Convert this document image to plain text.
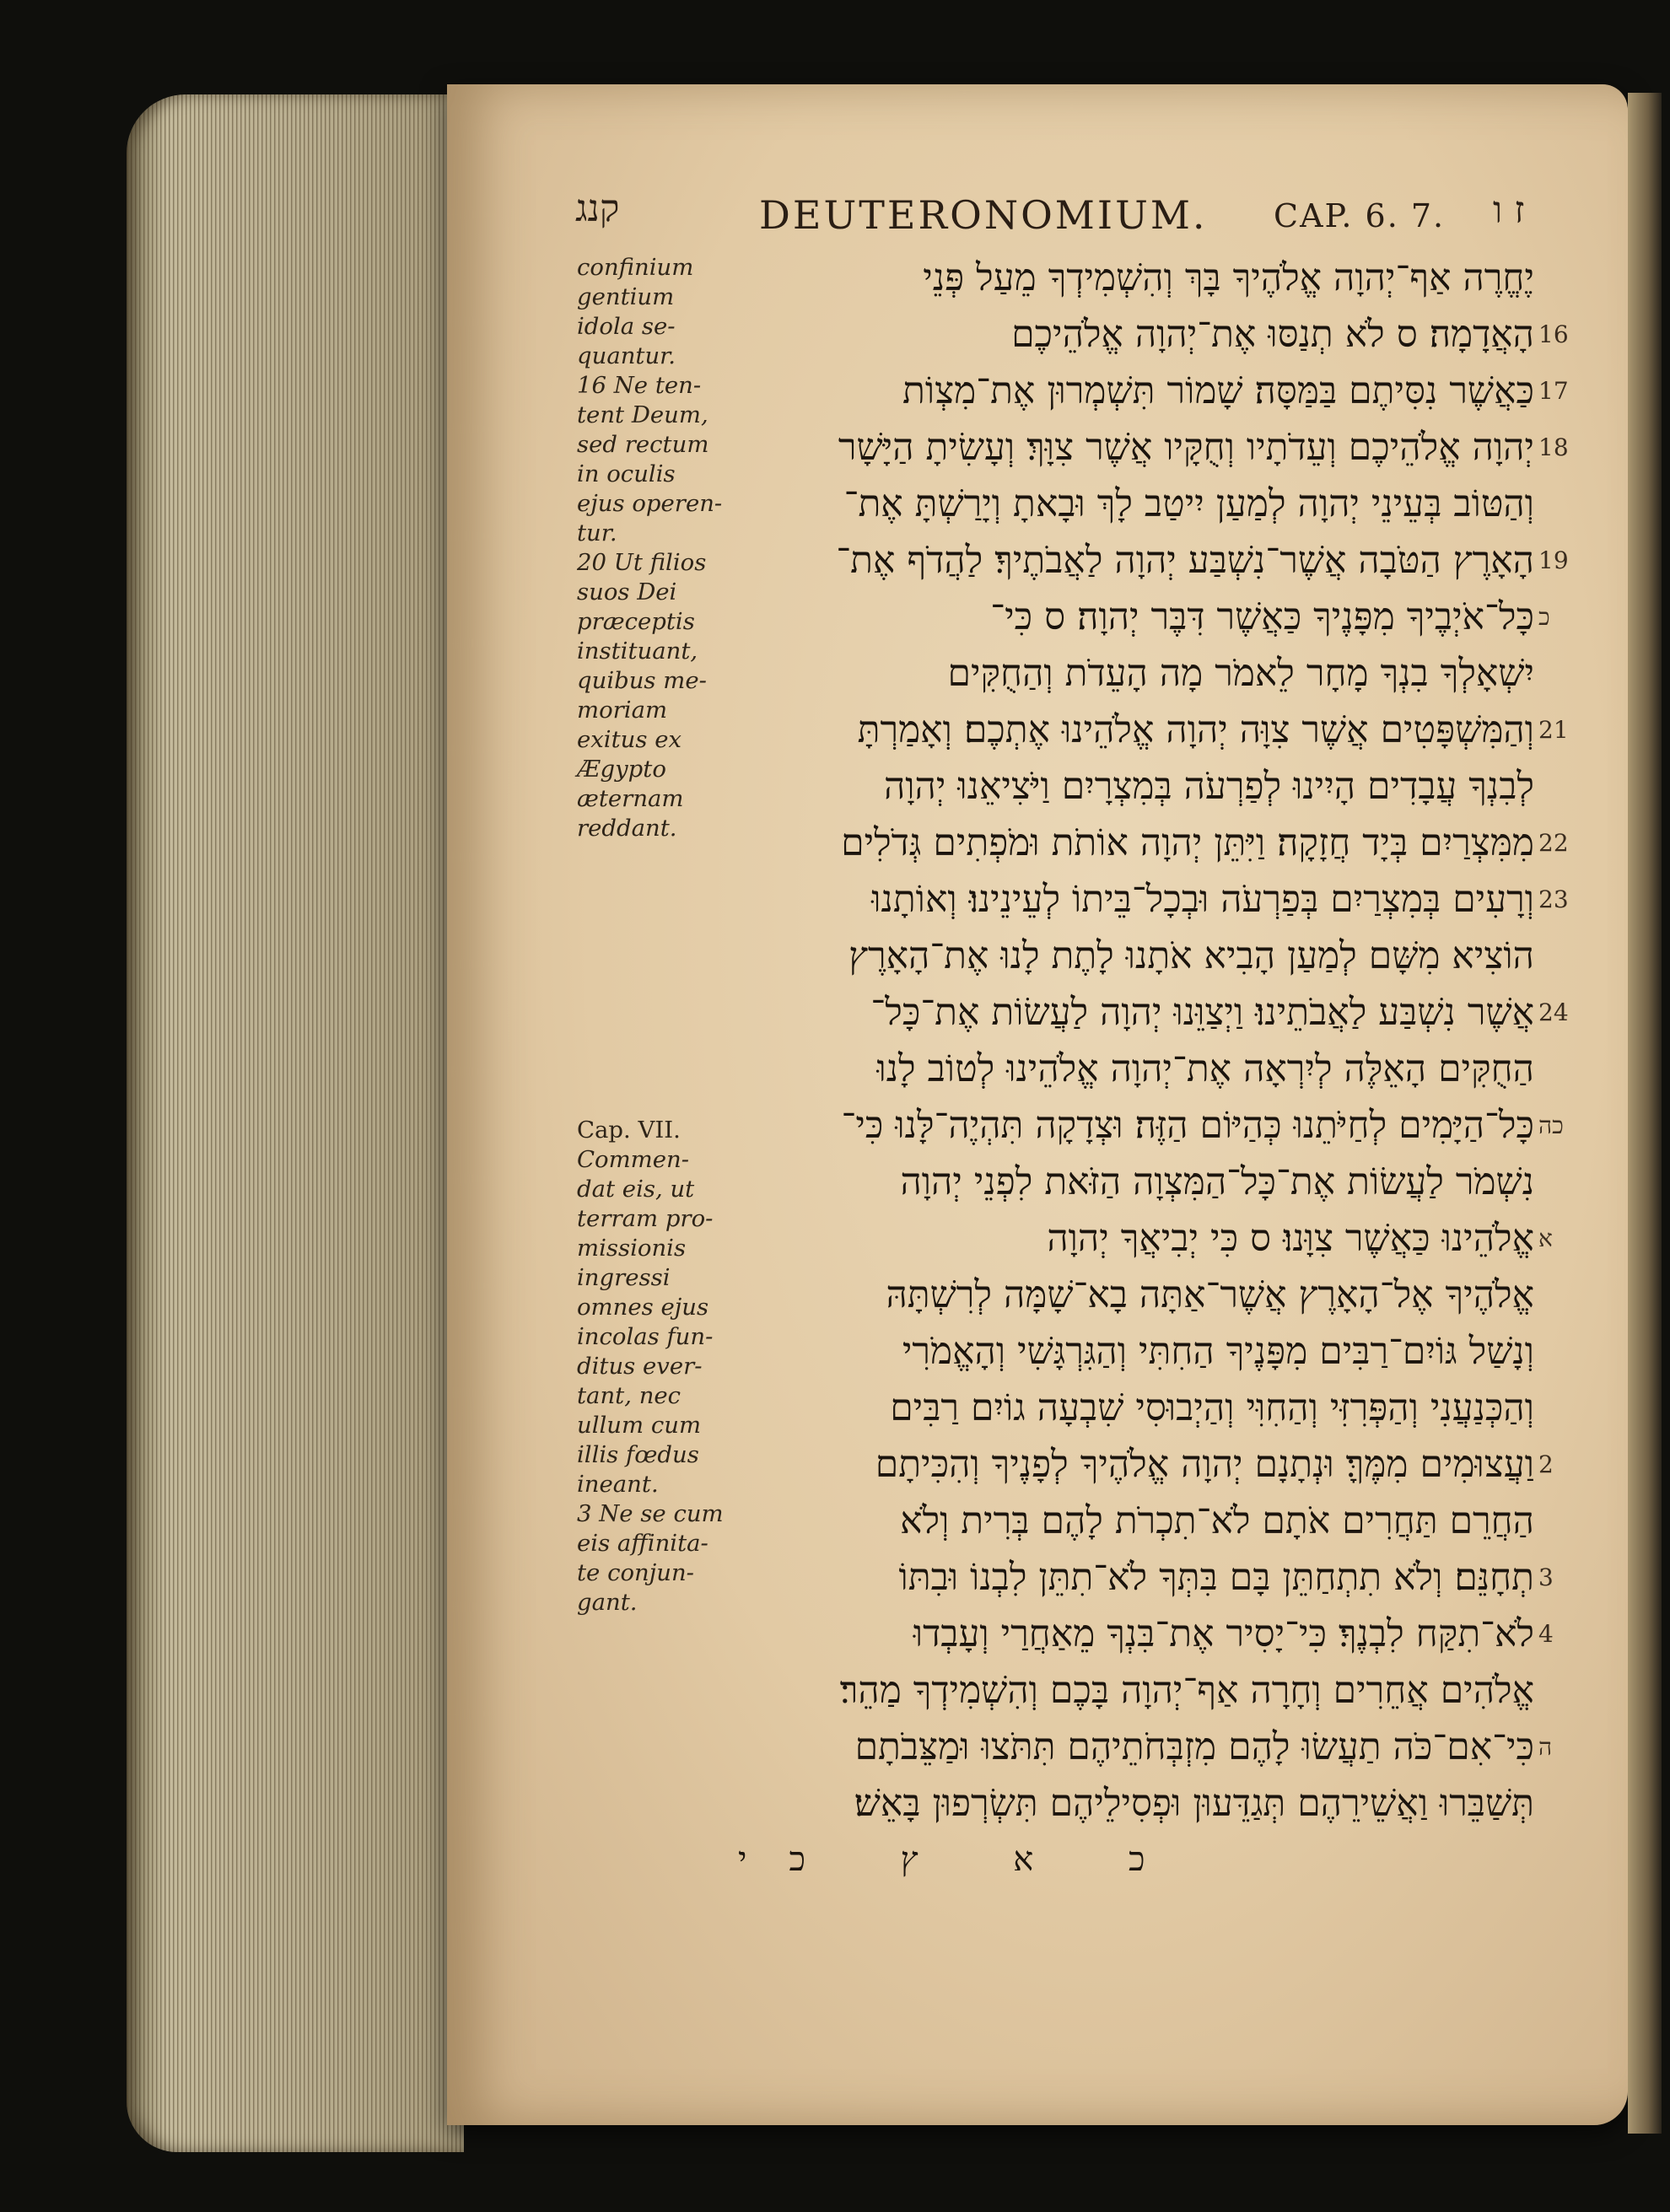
קנג	DEUTERONOMIUM. CAP. 6. 7. ז ו
confinium
gentium
idola se-
quantur.
16 Ne ten-
tent Deum,
sed rectum
in oculis
ejus operen-
tur.
20 Ut filios
suos Dei
præceptis
instituant,
quibus me-
moriam
exitus ex
Ægypto
æternam
reddant.
Cap. VII.
Commen-
dat eis, ut
terram pro-
missionis
ingressi
omnes ejus
incolas fun-
ditus ever-
tant, nec
ullum cum
illis fœdus
ineant.
3 Ne se cum
eis affinita-
te conjun-
gant.
16
17
18
19
כ
21
22
23
24
כה
א
2
3
4
ה
יֶחֱרֶה אַף־יְהוָה אֱלֹהֶיךָ בָּךְ וְהִשְׁמִידְךָ מֵעַל פְּנֵי
הָאֲדָמָה׃ ס לֹא תְנַסּוּ אֶת־יְהוָה אֱלֹהֵיכֶם
כַּאֲשֶׁר נִסִּיתֶם בַּמַּסָּה׃ שָׁמוֹר תִּשְׁמְרוּן אֶת־מִצְוֹת
יְהוָה אֱלֹהֵיכֶם וְעֵדֹתָיו וְחֻקָּיו אֲשֶׁר צִוָּךְ׃ וְעָשִׂיתָ הַיָּשָׁר
וְהַטּוֹב בְּעֵינֵי יְהוָה לְמַעַן יִיטַב לָךְ וּבָאתָ וְיָרַשְׁתָּ אֶת־
הָאָרֶץ הַטֹּבָה אֲשֶׁר־נִשְׁבַּע יְהוָה לַאֲבֹתֶיךָ׃ לַהֲדֹף אֶת־
כָּל־אֹיְבֶיךָ מִפָּנֶיךָ כַּאֲשֶׁר דִּבֶּר יְהוָה׃ ס כִּי־
יִשְׁאָלְךָ בִנְךָ מָחָר לֵאמֹר מָה הָעֵדֹת וְהַחֻקִּים
וְהַמִּשְׁפָּטִים אֲשֶׁר צִוָּה יְהוָה אֱלֹהֵינוּ אֶתְכֶם׃ וְאָמַרְתָּ
לְבִנְךָ עֲבָדִים הָיִינוּ לְפַרְעֹה בְּמִצְרָיִם וַיֹּצִיאֵנוּ יְהוָה
מִמִּצְרַיִם בְּיָד חֲזָקָה׃ וַיִּתֵּן יְהוָה אוֹתֹת וּמֹפְתִים גְּדֹלִים
וְרָעִים בְּמִצְרַיִם בְּפַרְעֹה וּבְכָל־בֵּיתוֹ לְעֵינֵינוּ׃ וְאוֹתָנוּ
הוֹצִיא מִשָּׁם לְמַעַן הָבִיא אֹתָנוּ לָתֶת לָנוּ אֶת־הָאָרֶץ
אֲשֶׁר נִשְׁבַּע לַאֲבֹתֵינוּ׃ וַיְצַוֵּנוּ יְהוָה לַעֲשׂוֹת אֶת־כָּל־
הַחֻקִּים הָאֵלֶּה לְיִרְאָה אֶת־יְהוָה אֱלֹהֵינוּ לְטוֹב לָנוּ
כָּל־הַיָּמִים לְחַיֹּתֵנוּ כְּהַיּוֹם הַזֶּה׃ וּצְדָקָה תִּהְיֶה־לָּנוּ כִּי־
נִשְׁמֹר לַעֲשׂוֹת אֶת־כָּל־הַמִּצְוָה הַזֹּאת לִפְנֵי יְהוָה
אֱלֹהֵינוּ כַּאֲשֶׁר צִוָּנוּ׃ ס כִּי יְבִיאֲךָ יְהוָה
אֱלֹהֶיךָ אֶל־הָאָרֶץ אֲשֶׁר־אַתָּה בָא־שָׁמָּה לְרִשְׁתָּהּ
וְנָשַׁל גּוֹיִם־רַבִּים מִפָּנֶיךָ הַחִתִּי וְהַגִּרְגָּשִׁי וְהָאֱמֹרִי
וְהַכְּנַעֲנִי וְהַפְּרִזִּי וְהַחִוִּי וְהַיְבוּסִי שִׁבְעָה גוֹיִם רַבִּים
וַעֲצוּמִים מִמֶּךָּ׃ וּנְתָנָם יְהוָה אֱלֹהֶיךָ לְפָנֶיךָ וְהִכִּיתָם
הַחֲרֵם תַּחֲרִים אֹתָם לֹא־תִכְרֹת לָהֶם בְּרִית וְלֹא
תְחָנֵּם׃ וְלֹא תִתְחַתֵּן בָּם בִּתְּךָ לֹא־תִתֵּן לִבְנוֹ וּבִתּוֹ
לֹא־תִקַּח לִבְנֶךָ׃ כִּי־יָסִיר אֶת־בִּנְךָ מֵאַחֲרַי וְעָבְדוּ
אֱלֹהִים אֲחֵרִים וְחָרָה אַף־יְהוָה בָּכֶם וְהִשְׁמִידְךָ מַהֵר׃
כִּי־אִם־כֹּה תַעֲשׂוּ לָהֶם מִזְבְּחֹתֵיהֶם תִּתֹּצוּ וּמַצֵּבֹתָם
תְּשַׁבֵּרוּ וַאֲשֵׁירֵהֶם תְּגַדֵּעוּן וּפְסִילֵיהֶם תִּשְׂרְפוּן בָּאֵשׁ׃
כ א ץ כי
